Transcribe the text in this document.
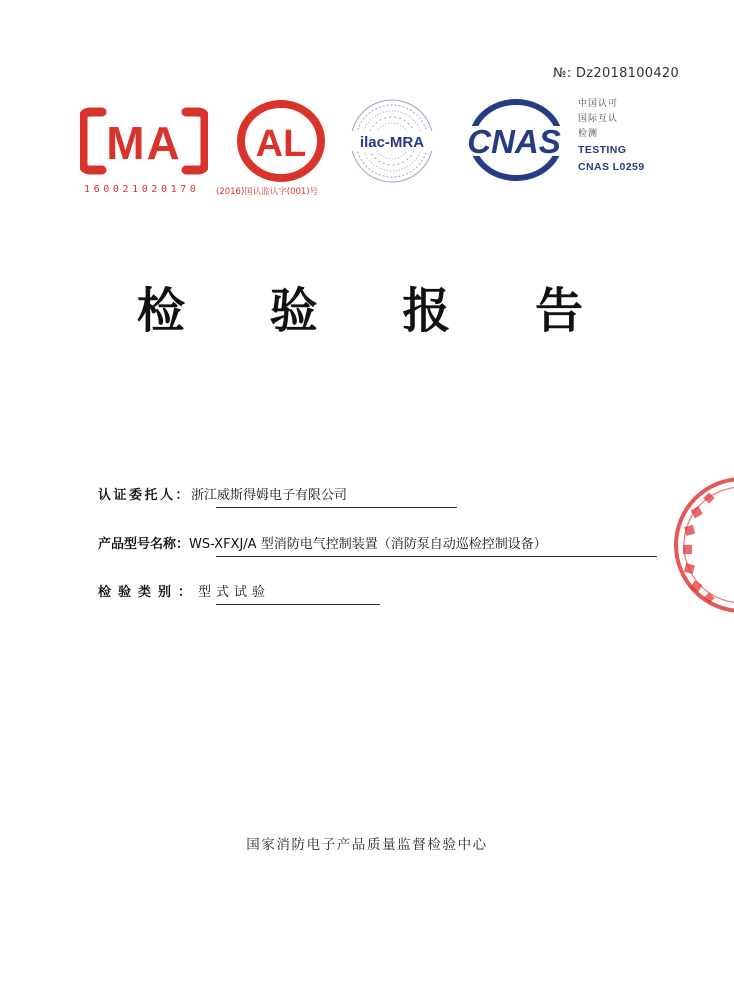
№: Dz2018100420
MA
160021020170
AL
(2016)国认监认字(001)号
ilac-MRA CNAS
中国认可
国际互认
检测
TESTING
CNAS L0259
检 验 报 告
认证委托人：浙江威斯得姆电子有限公司
产品型号名称：WS-XFXJ/A 型消防电气控制装置（消防泵自动巡检控制设备）
检验类别：型式试验
国家消防电子产品质量监督检验中心
